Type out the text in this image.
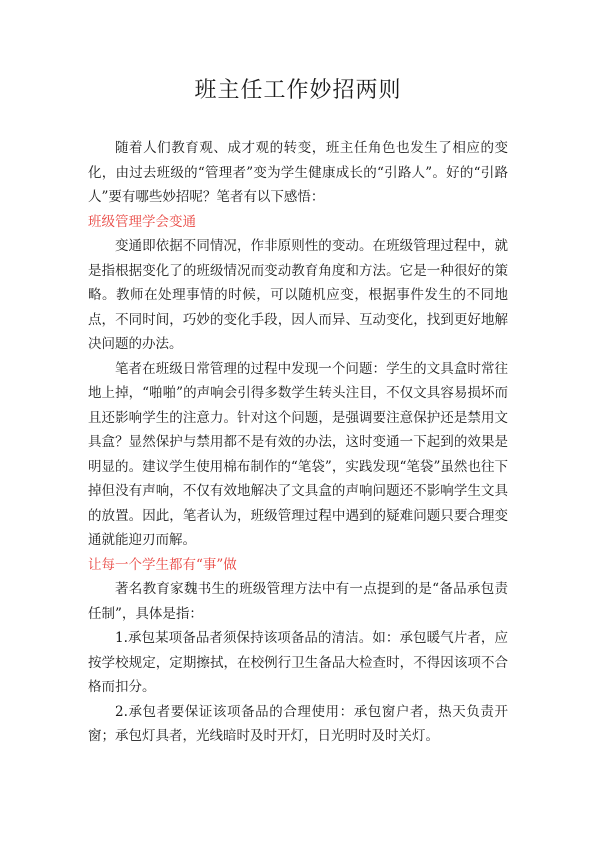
班主任工作妙招两则

随着人们教育观、成才观的转变，班主任角色也发生了相应的变化，由过去班级的“管理者”变为学生健康成长的“引路人”。好的“引路人”要有哪些妙招呢？笔者有以下感悟：

班级管理学会变通

变通即依据不同情况，作非原则性的变动。在班级管理过程中，就是指根据变化了的班级情况而变动教育角度和方法。它是一种很好的策略。教师在处理事情的时候，可以随机应变，根据事件发生的不同地点，不同时间，巧妙的变化手段，因人而异、互动变化，找到更好地解决问题的办法。

笔者在班级日常管理的过程中发现一个问题：学生的文具盒时常往地上掉，“啪啪”的声响会引得多数学生转头注目，不仅文具容易损坏而且还影响学生的注意力。针对这个问题，是强调要注意保护还是禁用文具盒？显然保护与禁用都不是有效的办法，这时变通一下起到的效果是明显的。建议学生使用棉布制作的“笔袋”，实践发现“笔袋”虽然也往下掉但没有声响，不仅有效地解决了文具盒的声响问题还不影响学生文具的放置。因此，笔者认为，班级管理过程中遇到的疑难问题只要合理变通就能迎刃而解。

让每一个学生都有“事”做

著名教育家魏书生的班级管理方法中有一点提到的是“备品承包责任制”，具体是指：

1.承包某项备品者须保持该项备品的清洁。如：承包暖气片者，应按学校规定，定期擦拭，在校例行卫生备品大检查时，不得因该项不合格而扣分。

2.承包者要保证该项备品的合理使用：承包窗户者，热天负责开窗；承包灯具者，光线暗时及时开灯，日光明时及时关灯。
